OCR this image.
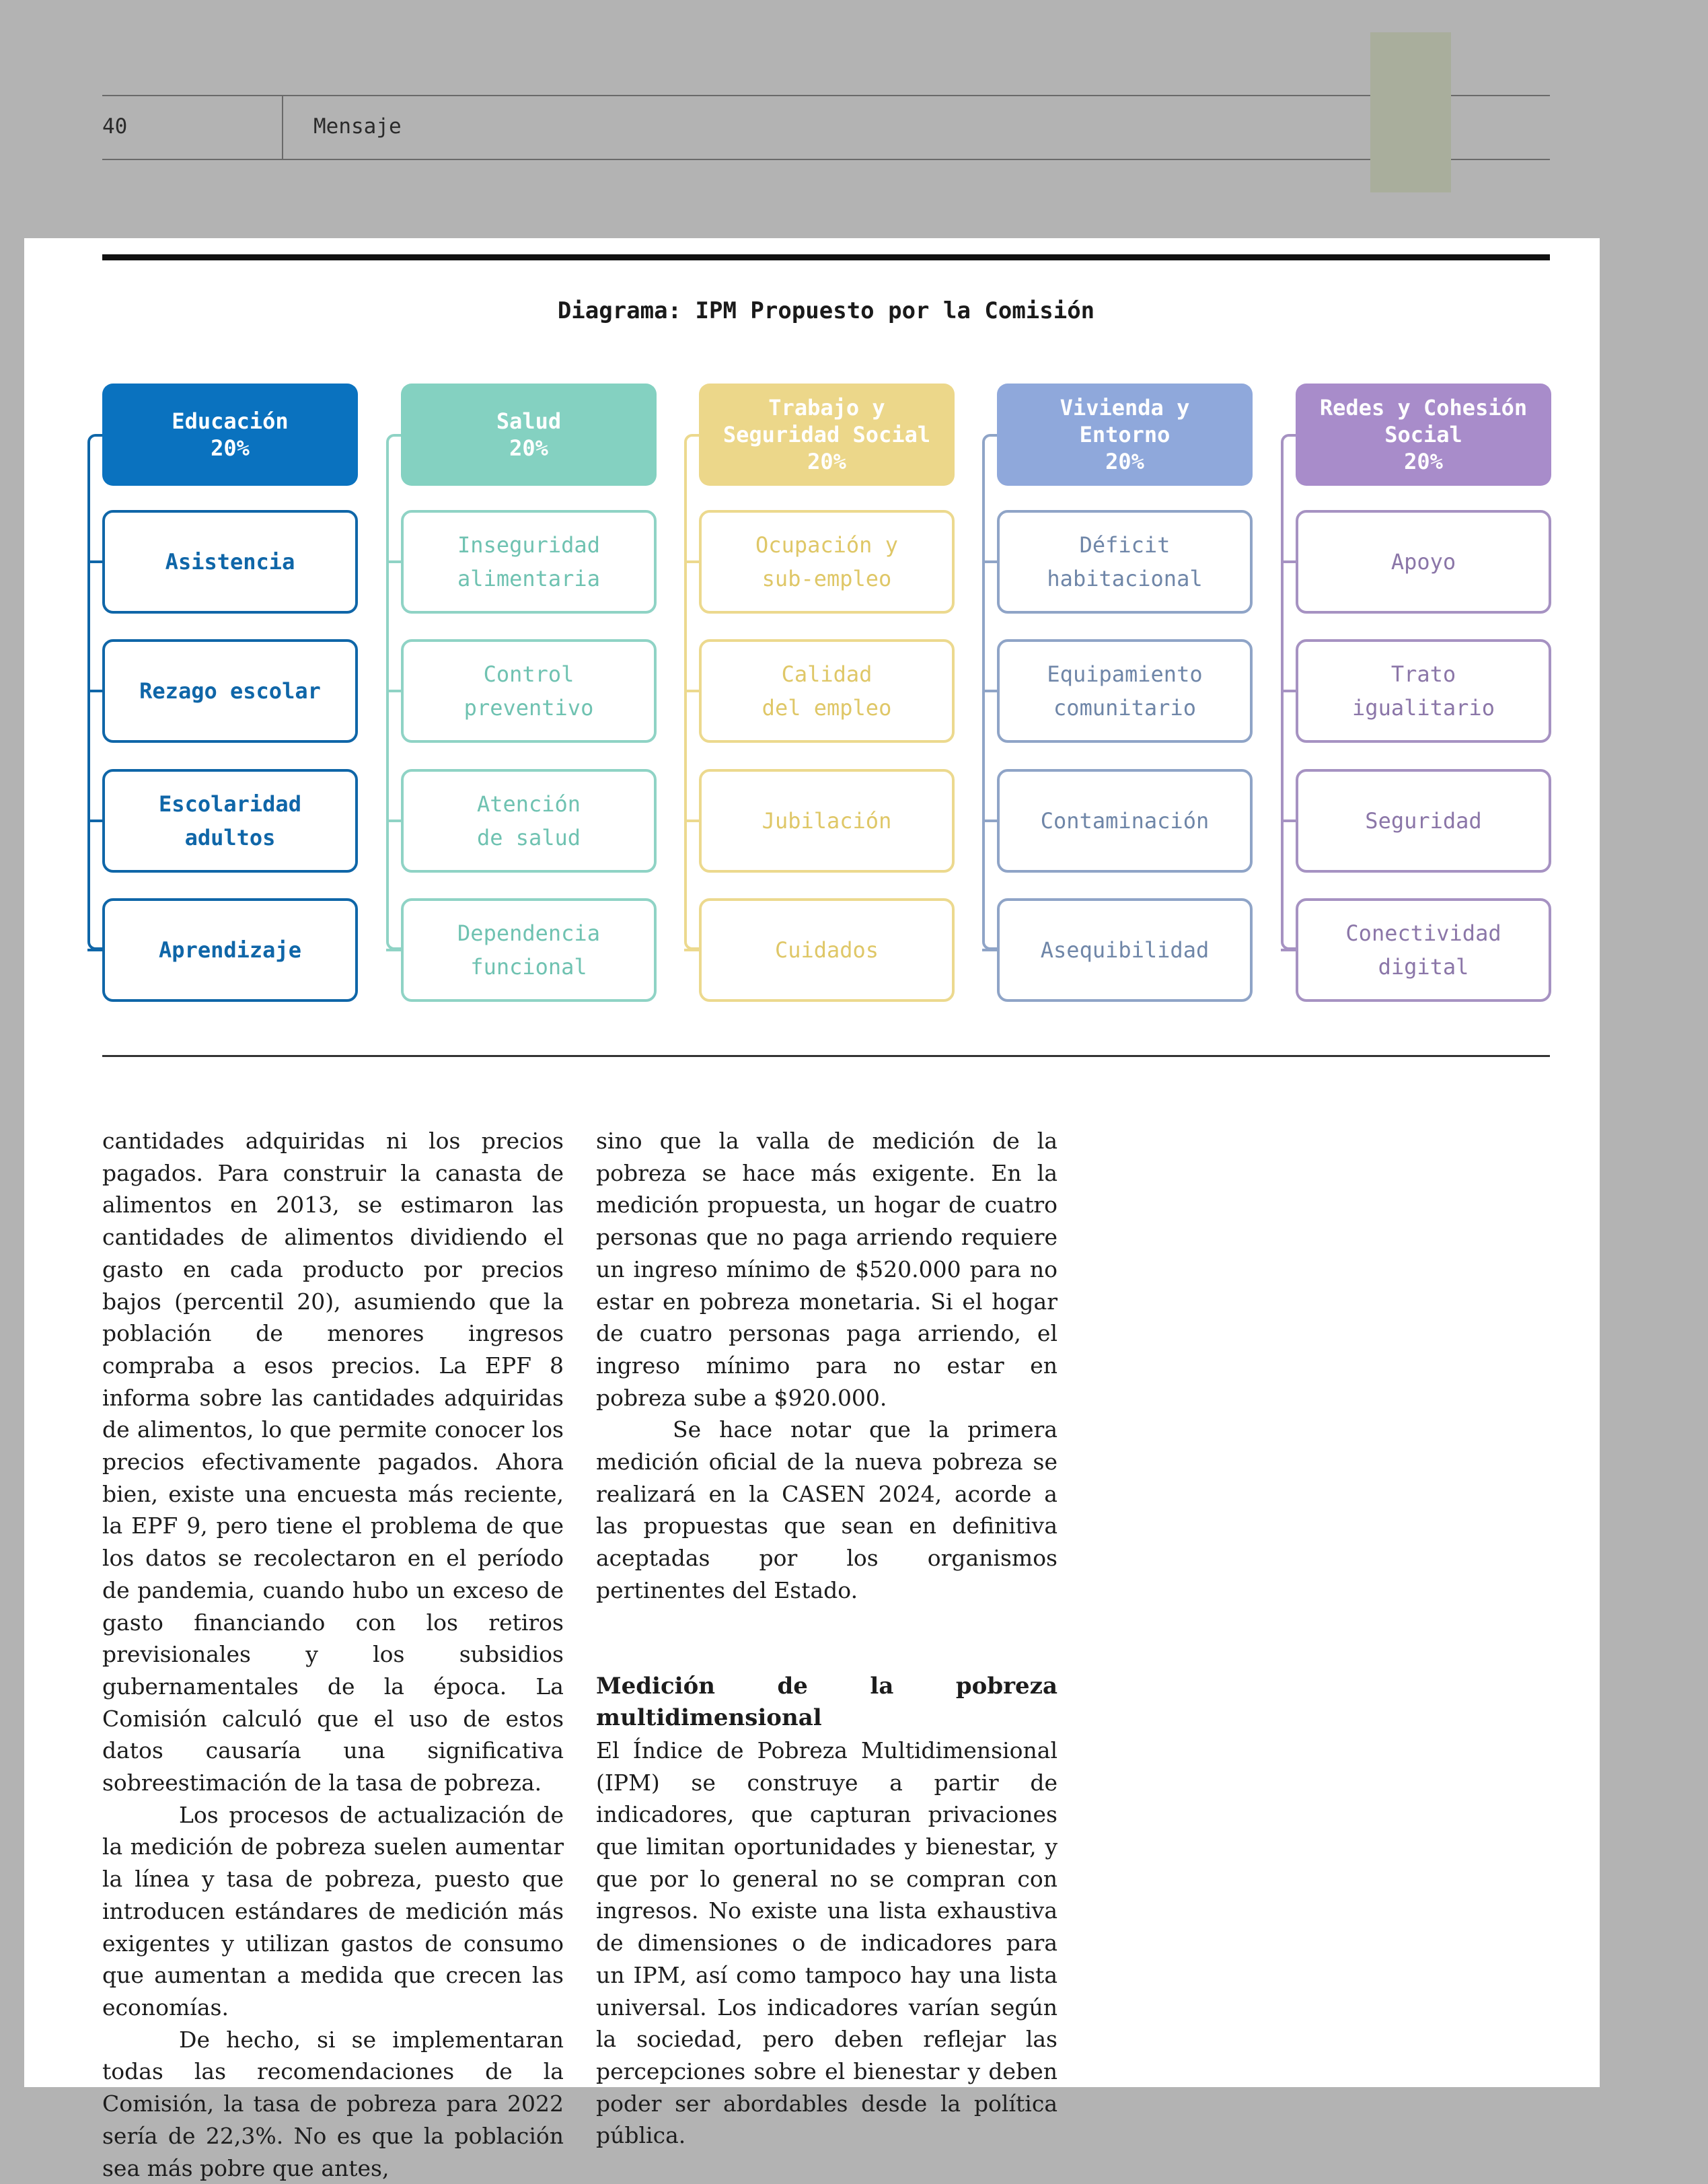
40	Mensaje
Diagrama: IPM Propuesto por la Comisión
Educación
20%
Asistencia
Rezago escolar
Escolaridad
adultos
Aprendizaje
Salud
20%
Inseguridad
alimentaria
Control
preventivo
Atención
de salud
Dependencia
funcional
Trabajo y
Seguridad Social
20%
Ocupación y
sub-empleo
Calidad
del empleo
Jubilación
Cuidados
Vivienda y
Entorno
20%
Déficit
habitacional
Equipamiento
comunitario
Contaminación
Asequibilidad
Redes y Cohesión
Social
20%
Apoyo
Trato
igualitario
Seguridad
Conectividad
digital

cantidades adquiridas ni los precios pagados. Para construir la canasta de alimentos en 2013, se estimaron las cantidades de alimentos dividiendo el gasto en cada producto por precios bajos (percentil 20), asumiendo que la población de menores ingresos compraba a esos precios. La EPF 8 informa sobre las cantidades adquiridas de alimentos, lo que permite conocer los precios efectivamente pagados. Ahora bien, existe una encuesta más reciente, la EPF 9, pero tiene el problema de que los datos se recolectaron en el período de pandemia, cuando hubo un exceso de gasto financiando con los retiros previsionales y los subsidios gubernamentales de la época. La Comisión calculó que el uso de estos datos causaría una significativa sobreestimación de la tasa de pobreza.

Los procesos de actualización de la medición de pobreza suelen aumentar la línea y tasa de pobreza, puesto que introducen estándares de medición más exigentes y utilizan gastos de consumo que aumentan a medida que crecen las economías.

De hecho, si se implementaran todas las recomendaciones de la Comisión, la tasa de pobreza para 2022 sería de 22,3%. No es que la población sea más pobre que antes,

sino que la valla de medición de la pobreza se hace más exigente. En la medición propuesta, un hogar de cuatro personas que no paga arriendo requiere un ingreso mínimo de $520.000 para no estar en pobreza monetaria. Si el hogar de cuatro personas paga arriendo, el ingreso mínimo para no estar en pobreza sube a $920.000.

Se hace notar que la primera medición oficial de la nueva pobreza se realizará en la CASEN 2024, acorde a las propuestas que sean en definitiva aceptadas por los organismos pertinentes del Estado.

Medición de la pobreza multidimensional

El Índice de Pobreza Multidimensional (IPM) se construye a partir de indicadores, que capturan privaciones que limitan oportunidades y bienestar, y que por lo general no se compran con ingresos. No existe una lista exhaustiva de dimensiones o de indicadores para un IPM, así como tampoco hay una lista universal. Los indicadores varían según la sociedad, pero deben reflejar las percepciones sobre el bienestar y deben poder ser abordables desde la política pública.
